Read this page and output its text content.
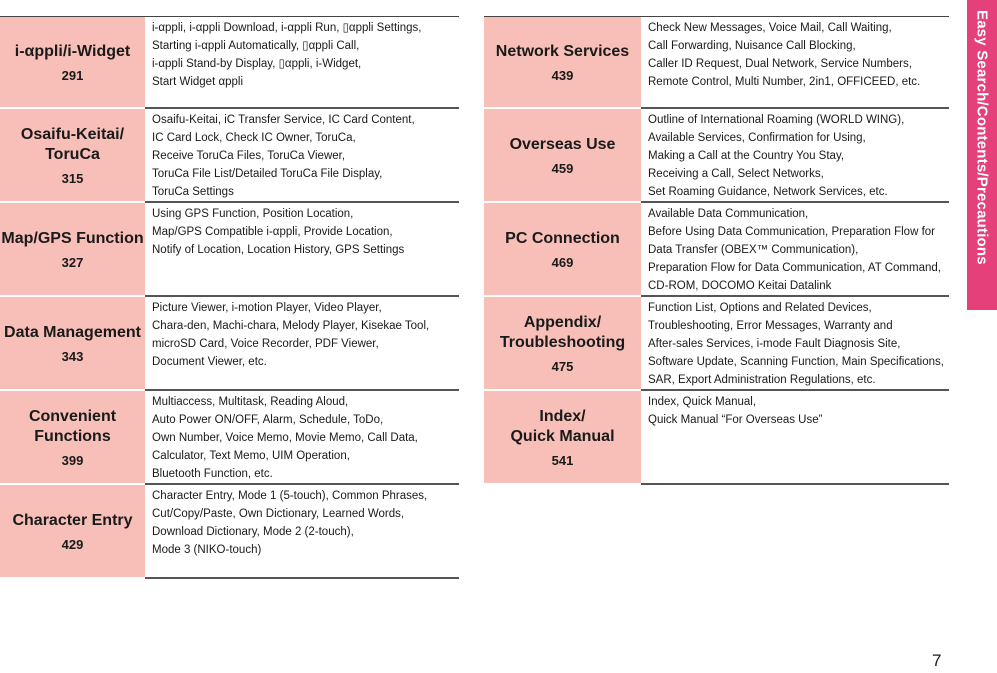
i-αppli/i-Widget
291
i-αppli, i-αppli Download, i-αppli Run, ▯αppli Settings,
Starting i-αppli Automatically, ▯αppli Call,
i-αppli Stand-by Display, ▯αppli, i-Widget,
Start Widget αppli
Osaifu-Keitai/
ToruCa
315
Osaifu-Keitai, iC Transfer Service, IC Card Content,
IC Card Lock, Check IC Owner, ToruCa,
Receive ToruCa Files, ToruCa Viewer,
ToruCa File List/Detailed ToruCa File Display,
ToruCa Settings
Map/GPS Function
327
Using GPS Function, Position Location,
Map/GPS Compatible i-αppli, Provide Location,
Notify of Location, Location History, GPS Settings
Data Management
343
Picture Viewer, i-motion Player, Video Player,
Chara-den, Machi-chara, Melody Player, Kisekae Tool,
microSD Card, Voice Recorder, PDF Viewer,
Document Viewer, etc.
Convenient
Functions
399
Multiaccess, Multitask, Reading Aloud,
Auto Power ON/OFF, Alarm, Schedule, ToDo,
Own Number, Voice Memo, Movie Memo, Call Data,
Calculator, Text Memo, UIM Operation,
Bluetooth Function, etc.
Character Entry
429
Character Entry, Mode 1 (5-touch), Common Phrases,
Cut/Copy/Paste, Own Dictionary, Learned Words,
Download Dictionary, Mode 2 (2-touch),
Mode 3 (NIKO-touch)
Network Services
439
Check New Messages, Voice Mail, Call Waiting,
Call Forwarding, Nuisance Call Blocking,
Caller ID Request, Dual Network, Service Numbers,
Remote Control, Multi Number, 2in1, OFFICEED, etc.
Overseas Use
459
Outline of International Roaming (WORLD WING),
Available Services, Confirmation for Using,
Making a Call at the Country You Stay,
Receiving a Call, Select Networks,
Set Roaming Guidance, Network Services, etc.
PC Connection
469
Available Data Communication,
Before Using Data Communication, Preparation Flow for
Data Transfer (OBEX™ Communication),
Preparation Flow for Data Communication, AT Command,
CD-ROM, DOCOMO Keitai Datalink
Appendix/
Troubleshooting
475
Function List, Options and Related Devices,
Troubleshooting, Error Messages, Warranty and
After-sales Services, i-mode Fault Diagnosis Site,
Software Update, Scanning Function, Main Specifications,
SAR, Export Administration Regulations, etc.
Index/
Quick Manual
541
Index, Quick Manual,
Quick Manual “For Overseas Use”
Easy Search/Contents/Precautions
7
